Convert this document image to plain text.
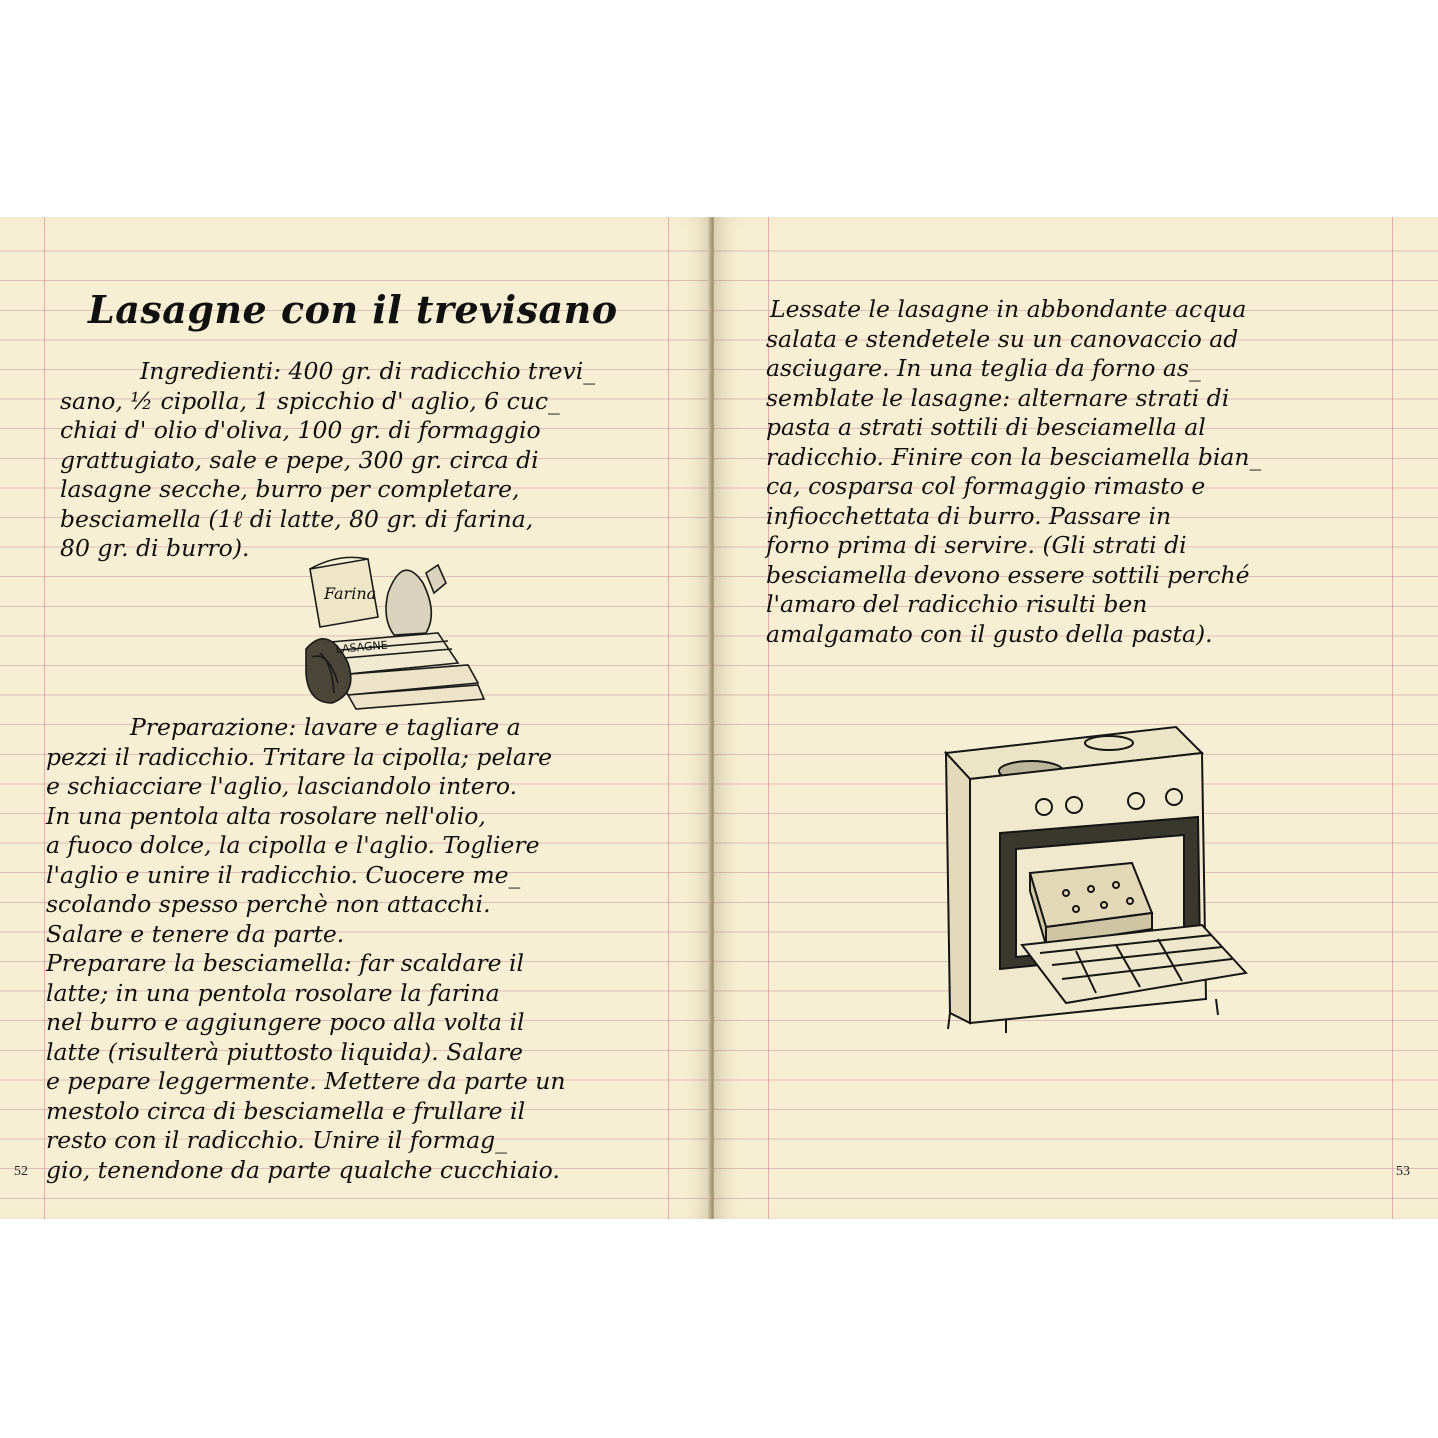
Lasagne con il trevisano
Ingredienti: 400 gr. di radicchio trevi_
sano, ½ cipolla, 1 spicchio d' aglio, 6 cuc_
chiai d' olio d'oliva, 100 gr. di formaggio
grattugiato, sale e pepe, 300 gr. circa di
lasagne secche, burro per completare,
besciamella (1ℓ di latte, 80 gr. di farina,
80 gr. di burro).
Farina
LASAGNE
Preparazione: lavare e tagliare a
pezzi il radicchio. Tritare la cipolla; pelare
e schiacciare l'aglio, lasciandolo intero.
In una pentola alta rosolare nell'olio,
a fuoco dolce, la cipolla e l'aglio. Togliere
l'aglio e unire il radicchio. Cuocere me_
scolando spesso perchè non attacchi.
Salare e tenere da parte.
Preparare la besciamella: far scaldare il
latte; in una pentola rosolare la farina
nel burro e aggiungere poco alla volta il
latte (risulterà piuttosto liquida). Salare
e pepare leggermente. Mettere da parte un
mestolo circa di besciamella e frullare il
resto con il radicchio. Unire il formag_
gio, tenendone da parte qualche cucchiaio.
52
Lessate le lasagne in abbondante acqua
salata e stendetele su un canovaccio ad
asciugare. In una teglia da forno as_
semblate le lasagne: alternare strati di
pasta a strati sottili di besciamella al
radicchio. Finire con la besciamella bian_
ca, cosparsa col formaggio rimasto e
infiocchettata di burro. Passare in
forno prima di servire. (Gli strati di
besciamella devono essere sottili perché
l'amaro del radicchio risulti ben
amalgamato con il gusto della pasta).
53
